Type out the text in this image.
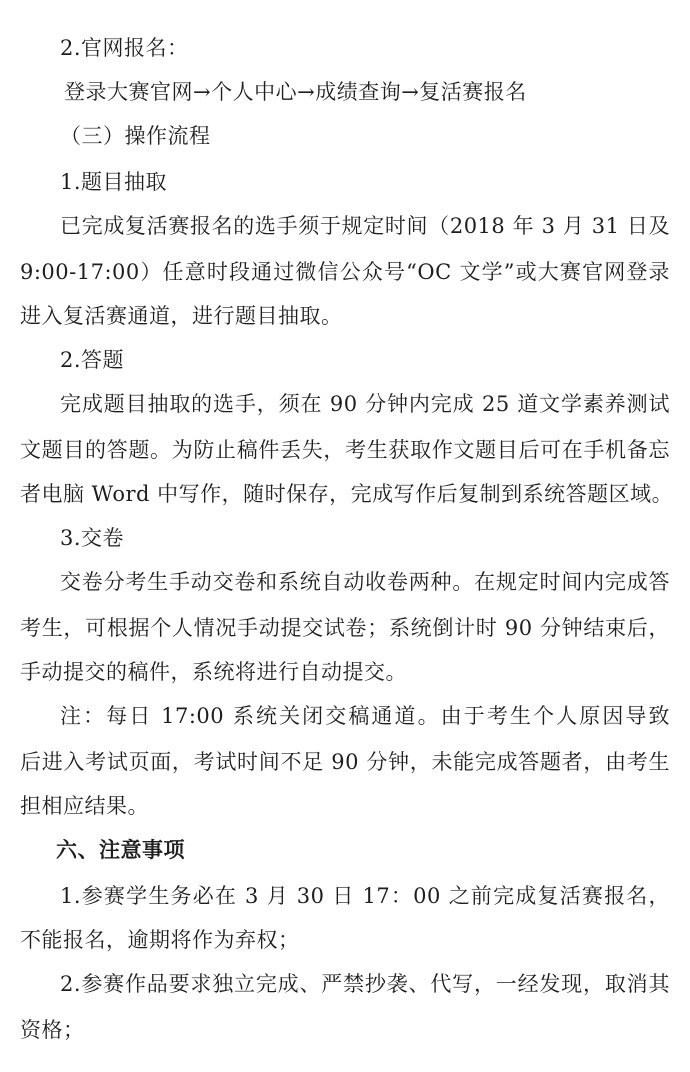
2.官网报名：
登录大赛官网→个人中心→成绩查询→复活赛报名
（三）操作流程
1.题目抽取
已完成复活赛报名的选手须于规定时间（2018 年 3 月 31 日及
9:00-17:00）任意时段通过微信公众号“OC 文学”或大赛官网登录
进入复活赛通道，进行题目抽取。
2.答题
完成题目抽取的选手，须在 90 分钟内完成 25 道文学素养测试
文题目的答题。为防止稿件丢失，考生获取作文题目后可在手机备忘
者电脑 Word 中写作，随时保存，完成写作后复制到系统答题区域。
3.交卷
交卷分考生手动交卷和系统自动收卷两种。在规定时间内完成答
考生，可根据个人情况手动提交试卷；系统倒计时 90 分钟结束后，
手动提交的稿件，系统将进行自动提交。
注：每日 17:00 系统关闭交稿通道。由于考生个人原因导致
后进入考试页面，考试时间不足 90 分钟，未能完成答题者，由考生
担相应结果。
六、注意事项
1.参赛学生务必在 3 月 30 日 17：00 之前完成复活赛报名，
不能报名，逾期将作为弃权；
2.参赛作品要求独立完成、严禁抄袭、代写，一经发现，取消其
资格；
